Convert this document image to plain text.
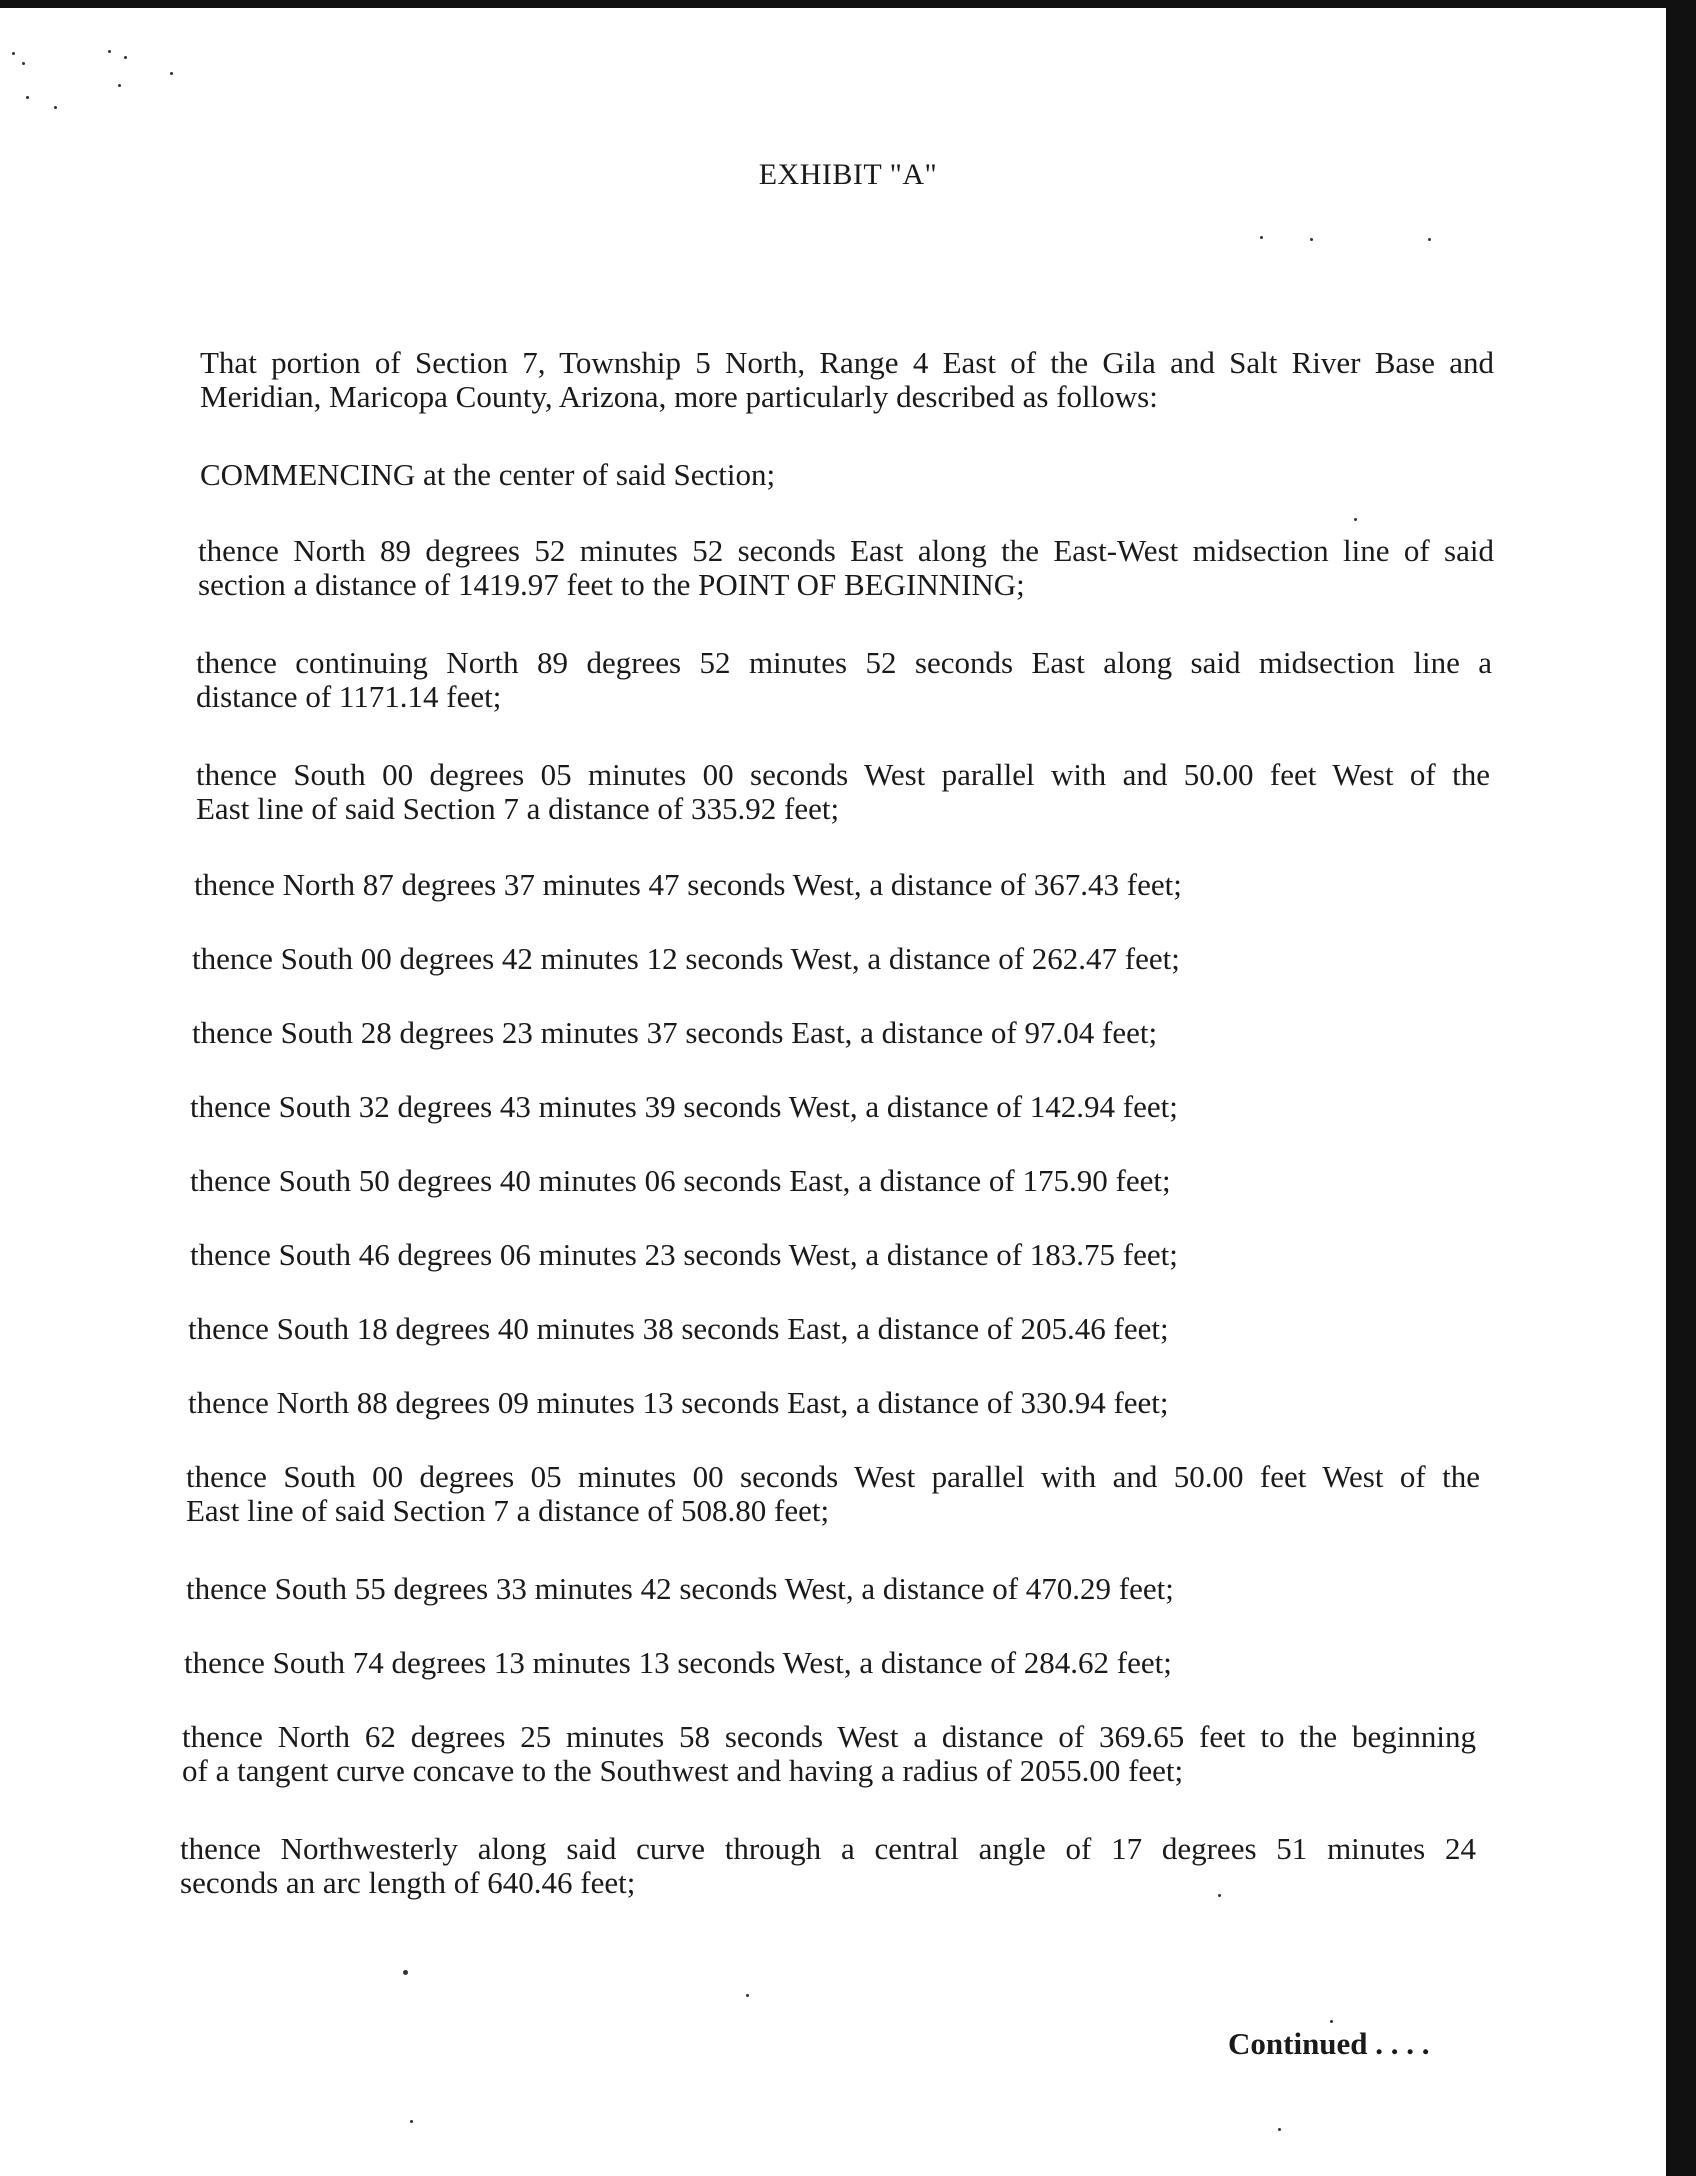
EXHIBIT "A"
That portion of Section 7, Township 5 North, Range 4 East of the Gila and Salt River Base and
Meridian, Maricopa County, Arizona, more particularly described as follows:
COMMENCING at the center of said Section;
thence North 89 degrees 52 minutes 52 seconds East along the East-West midsection line of said
section a distance of 1419.97 feet to the POINT OF BEGINNING;
thence continuing North 89 degrees 52 minutes 52 seconds East along said midsection line a
distance of 1171.14 feet;
thence South 00 degrees 05 minutes 00 seconds West parallel with and 50.00 feet West of the
East line of said Section 7 a distance of 335.92 feet;
thence North 87 degrees 37 minutes 47 seconds West, a distance of 367.43 feet;
thence South 00 degrees 42 minutes 12 seconds West, a distance of 262.47 feet;
thence South 28 degrees 23 minutes 37 seconds East, a distance of 97.04 feet;
thence South 32 degrees 43 minutes 39 seconds West, a distance of 142.94 feet;
thence South 50 degrees 40 minutes 06 seconds East, a distance of 175.90 feet;
thence South 46 degrees 06 minutes 23 seconds West, a distance of 183.75 feet;
thence South 18 degrees 40 minutes 38 seconds East, a distance of 205.46 feet;
thence North 88 degrees 09 minutes 13 seconds East, a distance of 330.94 feet;
thence South 00 degrees 05 minutes 00 seconds West parallel with and 50.00 feet West of the
East line of said Section 7 a distance of 508.80 feet;
thence South 55 degrees 33 minutes 42 seconds West, a distance of 470.29 feet;
thence South 74 degrees 13 minutes 13 seconds West, a distance of 284.62 feet;
thence North 62 degrees 25 minutes 58 seconds West a distance of 369.65 feet to the beginning
of a tangent curve concave to the Southwest and having a radius of 2055.00 feet;
thence Northwesterly along said curve through a central angle of 17 degrees 51 minutes 24
seconds an arc length of 640.46 feet;
Continued . . . .
